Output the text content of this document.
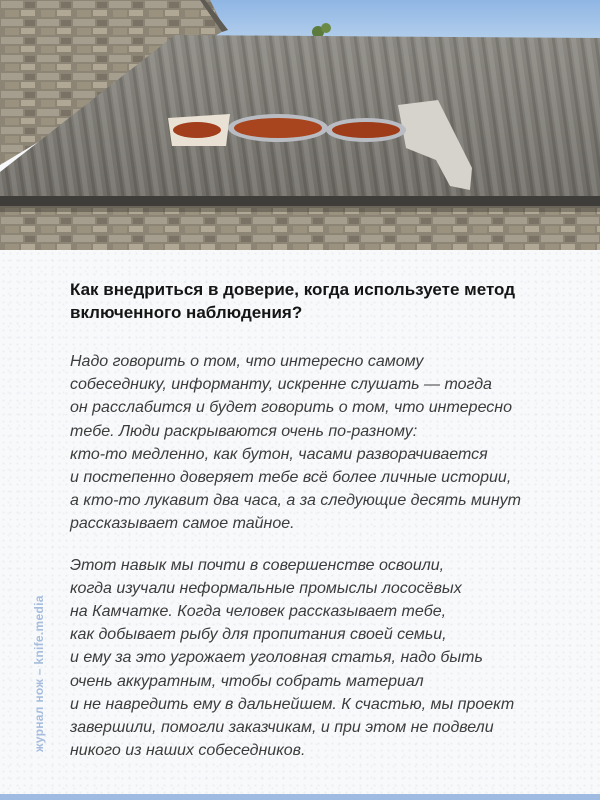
Как внедриться в доверие, когда используете метод
включенного наблюдения?
Надо говорить о том, что интересно самому
собеседнику, информанту, искренне слушать — тогда
он расслабится и будет говорить о том, что интересно
тебе. Люди раскрываются очень по-разному:
кто-то медленно, как бутон, часами разворачивается
и постепенно доверяет тебе всё более личные истории,
а кто-то лукавит два часа, а за следующие десять минут
рассказывает самое тайное.
Этот навык мы почти в совершенстве освоили,
когда изучали неформальные промыслы лососёвых
на Камчатке. Когда человек рассказывает тебе,
как добывает рыбу для пропитания своей семьи,
и ему за это угрожает уголовная статья, надо быть
очень аккуратным, чтобы собрать материал
и не навредить ему в дальнейшем. К счастью, мы проект
завершили, помогли заказчикам, и при этом не подвели
никого из наших собеседников.
журнал нож – knife.media
